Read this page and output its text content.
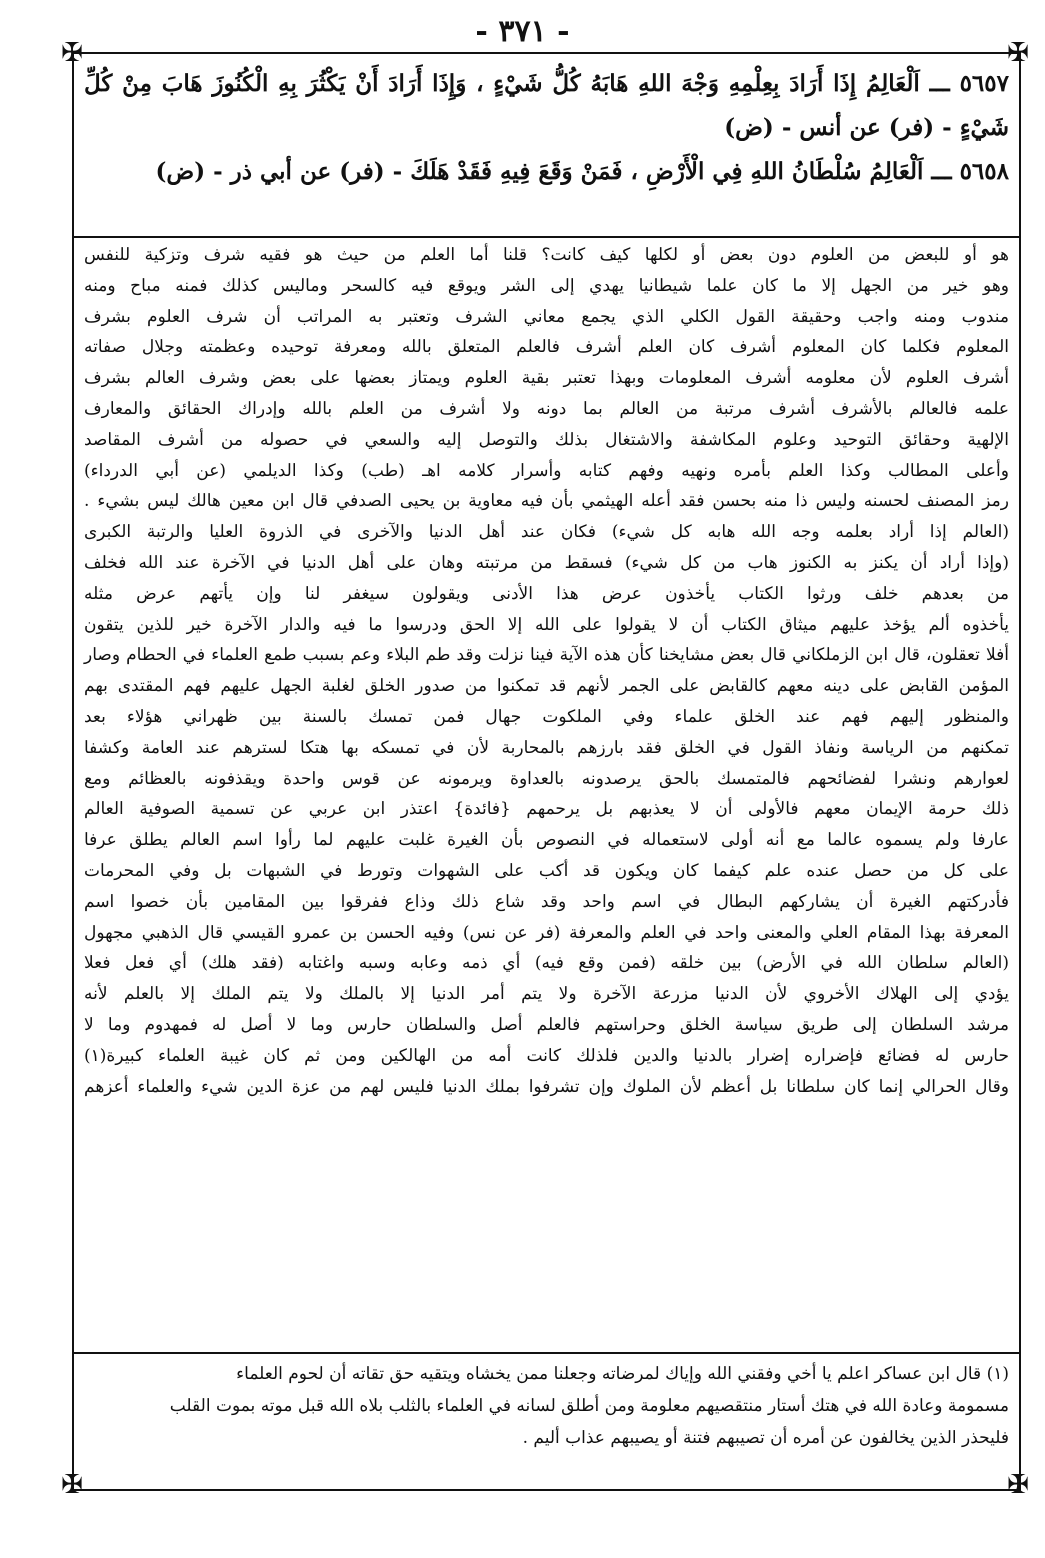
- ٣٧١ -
✠	✠
✠	✠

٥٦٥٧ ـــ اَلْعَالِمُ إِذَا أَرَادَ بِعِلْمِهِ وَجْهَ اللهِ هَابَهُ كُلُّ شَيْءٍ ، وَإِذَا أَرَادَ أَنْ يَكْثُرَ بِهِ الْكُنُوزَ هَابَ مِنْ كُلِّ شَيْءٍ - (فر) عن أنس - (ض)

٥٦٥٨ ـــ اَلْعَالِمُ سُلْطَانُ اللهِ فِي الْأَرْضِ ، فَمَنْ وَقَعَ فِيهِ فَقَدْ هَلَكَ - (فر) عن أبي ذر - (ض)

هو أو للبعض من العلوم دون بعض أو لكلها كيف كانت؟ قلنا أما العلم من حيث هو فقيه شرف وتزكية للنفس

وهو خير من الجهل إلا ما كان علما شيطانيا يهدي إلى الشر ويوقع فيه كالسحر وماليس كذلك فمنه مباح ومنه

مندوب ومنه واجب وحقيقة القول الكلي الذي يجمع معاني الشرف وتعتبر به المراتب أن شرف العلوم بشرف

المعلوم فكلما كان المعلوم أشرف كان العلم أشرف فالعلم المتعلق بالله ومعرفة توحيده وعظمته وجلال صفاته

أشرف العلوم لأن معلومه أشرف المعلومات وبهذا تعتبر بقية العلوم ويمتاز بعضها على بعض وشرف العالم بشرف

علمه فالعالم بالأشرف أشرف مرتبة من العالم بما دونه ولا أشرف من العلم بالله وإدراك الحقائق والمعارف

الإلهية وحقائق التوحيد وعلوم المكاشفة والاشتغال بذلك والتوصل إليه والسعي في حصوله من أشرف المقاصد

وأعلى المطالب وكذا العلم بأمره ونهيه وفهم كتابه وأسرار كلامه اهـ (طب) وكذا الديلمي (عن أبي الدرداء)

رمز المصنف لحسنه وليس ذا منه بحسن فقد أعله الهيثمي بأن فيه معاوية بن يحيى الصدفي قال ابن معين هالك ليس بشيء .

(العالم إذا أراد بعلمه وجه الله هابه كل شيء) فكان عند أهل الدنيا والآخرى في الذروة العليا والرتبة الكبرى

(وإذا أراد أن يكنز به الكنوز هاب من كل شيء) فسقط من مرتبته وهان على أهل الدنيا في الآخرة عند الله فخلف

من بعدهم خلف ورثوا الكتاب يأخذون عرض هذا الأدنى ويقولون سيغفر لنا وإن يأتهم عرض مثله

يأخذوه ألم يؤخذ عليهم ميثاق الكتاب أن لا يقولوا على الله إلا الحق ودرسوا ما فيه والدار الآخرة خير للذين يتقون

أفلا تعقلون، قال ابن الزملكاني قال بعض مشايخنا كأن هذه الآية فينا نزلت وقد طم البلاء وعم بسبب طمع العلماء في الحطام وصار

المؤمن القابض على دينه معهم كالقابض على الجمر لأنهم قد تمكنوا من صدور الخلق لغلبة الجهل عليهم فهم المقتدى بهم

والمنظور إليهم فهم عند الخلق علماء وفي الملكوت جهال فمن تمسك بالسنة بين ظهراني هؤلاء بعد

تمكنهم من الرياسة ونفاذ القول في الخلق فقد بارزهم بالمحاربة لأن في تمسكه بها هتكا لسترهم عند العامة وكشفا

لعوارهم ونشرا لفضائحهم فالمتمسك بالحق يرصدونه بالعداوة ويرمونه عن قوس واحدة ويقذفونه بالعظائم ومع

ذلك حرمة الإيمان معهم فالأولى أن لا يعذبهم بل يرحمهم {فائدة} اعتذر ابن عربي عن تسمية الصوفية العالم

عارفا ولم يسموه عالما مع أنه أولى لاستعماله في النصوص بأن الغيرة غلبت عليهم لما رأوا اسم العالم يطلق عرفا

على كل من حصل عنده علم كيفما كان ويكون قد أكب على الشهوات وتورط في الشبهات بل وفي المحرمات

فأدركتهم الغيرة أن يشاركهم البطال في اسم واحد وقد شاع ذلك وذاع ففرقوا بين المقامين بأن خصوا اسم

المعرفة بهذا المقام العلي والمعنى واحد في العلم والمعرفة (فر عن نس) وفيه الحسن بن عمرو القيسي قال الذهبي مجهول

(العالم سلطان الله في الأرض) بين خلقه (فمن وقع فيه) أي ذمه وعابه وسبه واغتابه (فقد هلك) أي فعل فعلا

يؤدي إلى الهلاك الأخروي لأن الدنيا مزرعة الآخرة ولا يتم أمر الدنيا إلا بالملك ولا يتم الملك إلا بالعلم لأنه

مرشد السلطان إلى طريق سياسة الخلق وحراستهم فالعلم أصل والسلطان حارس وما لا أصل له فمهدوم وما لا

حارس له فضائع فإضراره إضرار بالدنيا والدين فلذلك كانت أمه من الهالكين ومن ثم كان غيبة العلماء كبيرة(١)

وقال الحرالي إنما كان سلطانا بل أعظم لأن الملوك وإن تشرفوا بملك الدنيا فليس لهم من عزة الدين شيء والعلماء أعزهم

(١) قال ابن عساكر اعلم يا أخي وفقني الله وإياك لمرضاته وجعلنا ممن يخشاه ويتقيه حق تقاته أن لحوم العلماء

مسمومة وعادة الله في هتك أستار منتقصيهم معلومة ومن أطلق لسانه في العلماء بالثلب بلاه الله قبل موته بموت القلب

فليحذر الذين يخالفون عن أمره أن تصيبهم فتنة أو يصيبهم عذاب أليم .
